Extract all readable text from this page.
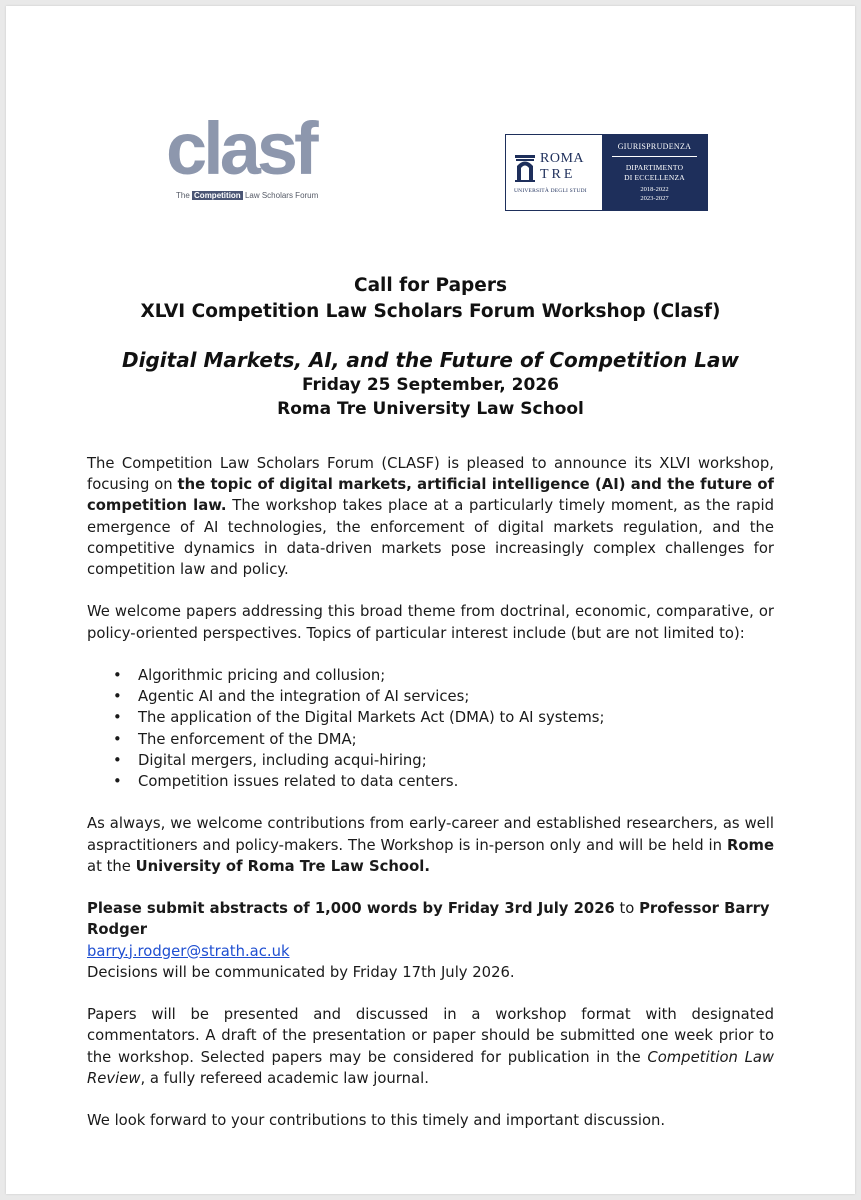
clasf
The Competition Law Scholars Forum
ROMA
TRE
UNIVERSITÀ DEGLI STUDI
GIURISPRUDENZA
DIPARTIMENTO
DI ECCELLENZA
2018-2022
2023-2027
Call for Papers
XLVI Competition Law Scholars Forum Workshop (Clasf)
Digital Markets, AI, and the Future of Competition Law
Friday 25 September, 2026
Roma Tre University Law School

The Competition Law Scholars Forum (CLASF) is pleased to announce its XLVI workshop, focusing on the topic of digital markets, artificial intelligence (AI) and the future of competition law. The workshop takes place at a particularly timely moment, as the rapid emergence of AI technologies, the enforcement of digital markets regulation, and the competitive dynamics in data-driven markets pose increasingly complex challenges for competition law and policy.

We welcome papers addressing this broad theme from doctrinal, economic, comparative, or policy-oriented perspectives. Topics of particular interest include (but are not limited to):

• Algorithmic pricing and collusion;
• Agentic AI and the integration of AI services;
• The application of the Digital Markets Act (DMA) to AI systems;
• The enforcement of the DMA;
• Digital mergers, including acqui-hiring;
• Competition issues related to data centers.

As always, we welcome contributions from early-career and established researchers, as well aspractitioners and policy-makers. The Workshop is in-person only and will be held in Rome at the University of Roma Tre Law School.

Please submit abstracts of 1,000 words by Friday 3rd July 2026 to Professor Barry Rodger
barry.j.rodger@strath.ac.uk
Decisions will be communicated by Friday 17th July 2026.

Papers will be presented and discussed in a workshop format with designated commentators. A draft of the presentation or paper should be submitted one week prior to the workshop. Selected papers may be considered for publication in the Competition Law Review, a fully refereed academic law journal.

We look forward to your contributions to this timely and important discussion.
